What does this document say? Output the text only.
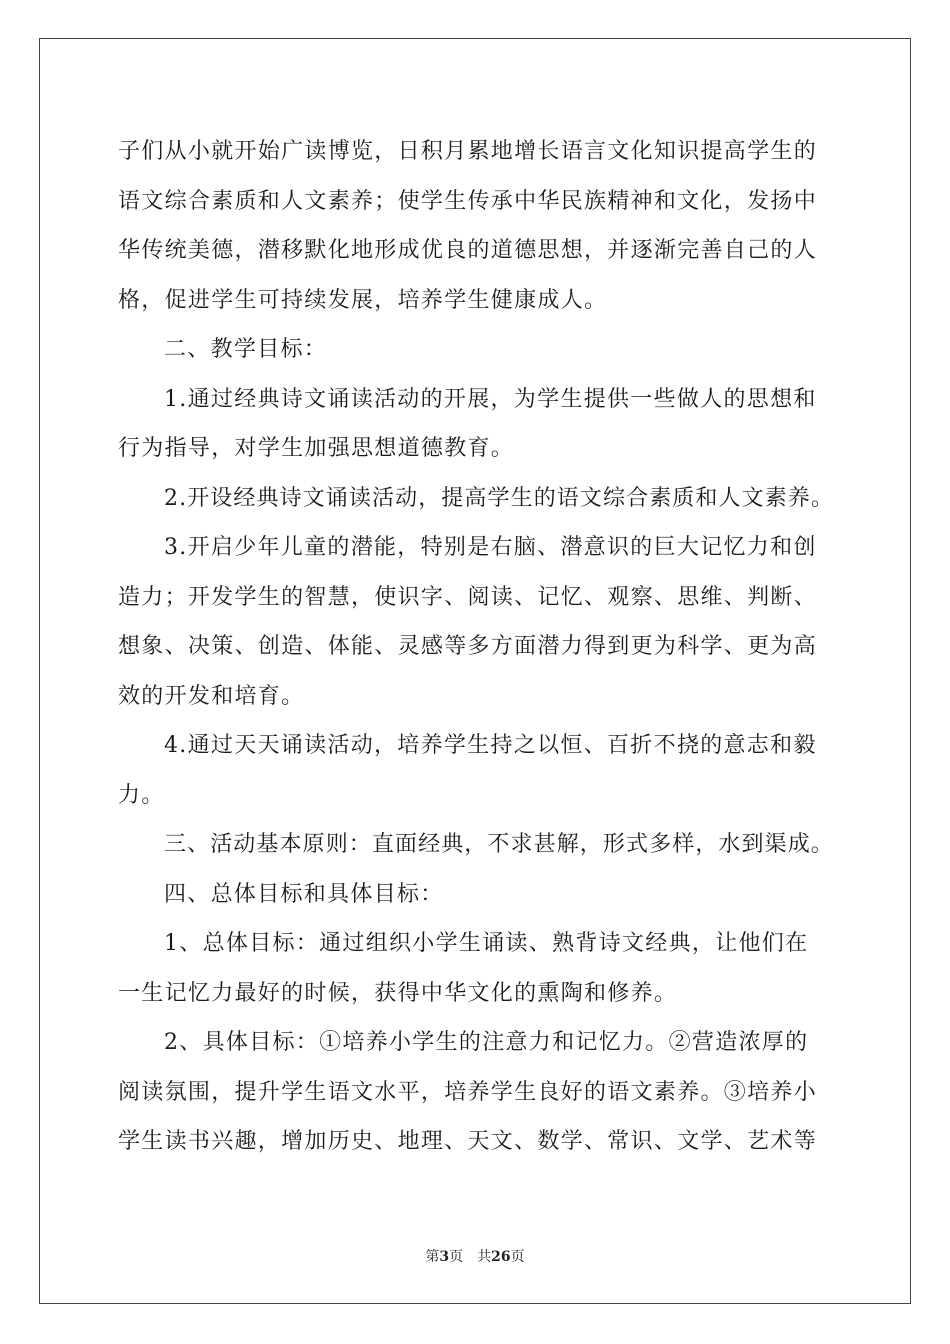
子们从小就开始广读博览，日积月累地增长语言文化知识提高学生的
语文综合素质和人文素养；使学生传承中华民族精神和文化，发扬中
华传统美德，潜移默化地形成优良的道德思想，并逐渐完善自己的人
格，促进学生可持续发展，培养学生健康成人。
二、教学目标：
1.通过经典诗文诵读活动的开展，为学生提供一些做人的思想和
行为指导，对学生加强思想道德教育。
2.开设经典诗文诵读活动，提高学生的语文综合素质和人文素养。
3.开启少年儿童的潜能，特别是右脑、潜意识的巨大记忆力和创
造力；开发学生的智慧，使识字、阅读、记忆、观察、思维、判断、
想象、决策、创造、体能、灵感等多方面潜力得到更为科学、更为高
效的开发和培育。
4.通过天天诵读活动，培养学生持之以恒、百折不挠的意志和毅
力。
三、活动基本原则：直面经典，不求甚解，形式多样，水到渠成。
四、总体目标和具体目标：
1、总体目标：通过组织小学生诵读、熟背诗文经典，让他们在
一生记忆力最好的时候，获得中华文化的熏陶和修养。
2、具体目标：①培养小学生的注意力和记忆力。②营造浓厚的
阅读氛围，提升学生语文水平，培养学生良好的语文素养。③培养小
学生读书兴趣，增加历史、地理、天文、数学、常识、文学、艺术等
第3页 共26页
